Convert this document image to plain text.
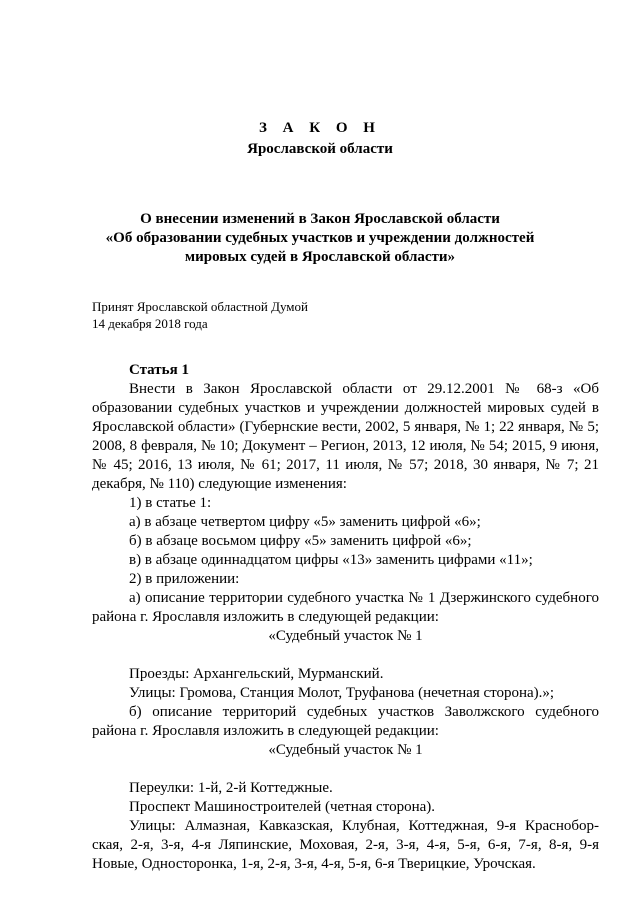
З А К О Н
Ярославской области
О внесении изменений в Закон Ярославской области
«Об образовании судебных участков и учреждении должностей
мировых судей в Ярославской области»
Принят Ярославской областной Думой
14 декабря 2018 года

Статья 1

Внести в Закон Ярославской области от 29.12.2001 № 68-з «Об образовании судебных участков и учреждении должностей мировых судей в Ярославской области» (Губернские вести, 2002, 5 января, № 1; 22 января, № 5; 2008, 8 февраля, № 10; Документ – Регион, 2013, 12 июля, № 54; 2015, 9 июня, № 45; 2016, 13 июля, № 61; 2017, 11 июля, № 57; 2018, 30 января, № 7; 21 декабря, № 110) следующие изменения:

1) в статье 1:

а) в абзаце четвертом цифру «5» заменить цифрой «6»;

б) в абзаце восьмом цифру «5» заменить цифрой «6»;

в) в абзаце одиннадцатом цифры «13» заменить цифрами «11»;

2) в приложении:

а) описание территории судебного участка № 1 Дзержинского судебного района г. Ярославля изложить в следующей редакции:

«Судебный участок № 1

Проезды: Архангельский, Мурманский.

Улицы: Громова, Станция Молот, Труфанова (нечетная сторона).»;

б) описание территорий судебных участков Заволжского судебного района г. Ярославля изложить в следующей редакции:

«Судебный участок № 1

Переулки: 1-й, 2-й Коттеджные.

Проспект Машиностроителей (четная сторона).

Улицы: Алмазная, Кавказская, Клубная, Коттеджная, 9-я Краснобор-ская, 2-я, 3-я, 4-я Ляпинские, Моховая, 2-я, 3-я, 4-я, 5-я, 6-я, 7-я, 8-я, 9-я Новые, Односторонка, 1-я, 2-я, 3-я, 4-я, 5-я, 6-я Тверицкие, Урочская.
